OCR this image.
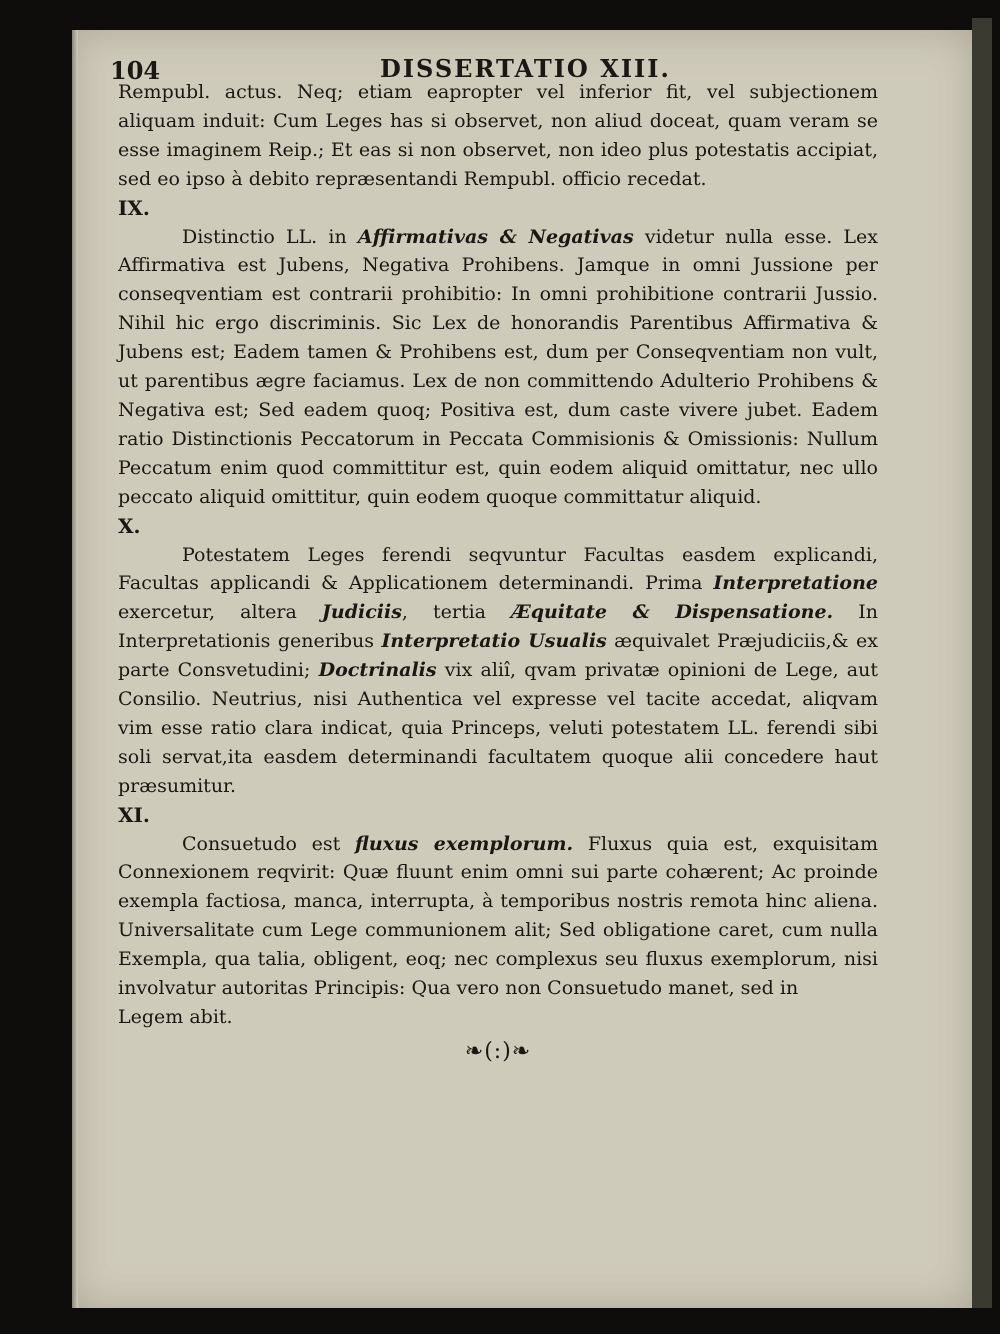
104	DISSERTATIO XIII.

Rempubl. actus. Neq; etiam eapropter vel inferior fit, vel subjectionem aliquam induit: Cum Leges has si observet, non aliud doceat, quam veram se esse imaginem Reip.; Et eas si non observet, non ideo plus potestatis accipiat, sed eo ipso à debito repræsentandi Rempubl. officio recedat.

IX.

Distinctio LL. in Affirmativas & Negativas videtur nulla esse. Lex Affirmativa est Jubens, Negativa Prohibens. Jamque in omni Jussione per conseqventiam est contrarii prohibitio: In omni prohibitione contrarii Jussio. Nihil hic ergo discriminis. Sic Lex de honorandis Parentibus Affirmativa & Jubens est; Eadem tamen & Prohibens est, dum per Conseqventiam non vult, ut parentibus ægre faciamus. Lex de non committendo Adulterio Prohibens & Negativa est; Sed eadem quoq; Positiva est, dum caste vivere jubet. Eadem ratio Distinctionis Peccatorum in Peccata Commisionis & Omissionis: Nullum Peccatum enim quod committitur est, quin eodem aliquid omittatur, nec ullo peccato aliquid omittitur, quin eodem quoque committatur aliquid.

X.

Potestatem Leges ferendi seqvuntur Facultas easdem explicandi, Facultas applicandi & Applicationem determinandi. Prima Interpretatione exercetur, altera Judiciis, tertia Æquitate & Dispensatione. In Interpretationis generibus Interpretatio Usualis æquivalet Præjudiciis,& ex parte Consvetudini; Doctrinalis vix aliî, qvam privatæ opinioni de Lege, aut Consilio. Neutrius, nisi Authentica vel expresse vel tacite accedat, aliqvam vim esse ratio clara indicat, quia Princeps, veluti potestatem LL. ferendi sibi soli servat,ita easdem determinandi facultatem quoque alii concedere haut præsumitur.

XI.

Consuetudo est fluxus exemplorum. Fluxus quia est, exquisitam Connexionem reqvirit: Quæ fluunt enim omni sui parte cohærent; Ac proinde exempla factiosa, manca, interrupta, à temporibus nostris remota hinc aliena. Universalitate cum Lege communionem alit; Sed obligatione caret, cum nulla Exempla, qua talia, obligent, eoq; nec complexus seu fluxus exemplorum, nisi involvatur autoritas Principis: Qua vero non Consuetudo manet, sed in

Legem abit.

❧(:)❧
